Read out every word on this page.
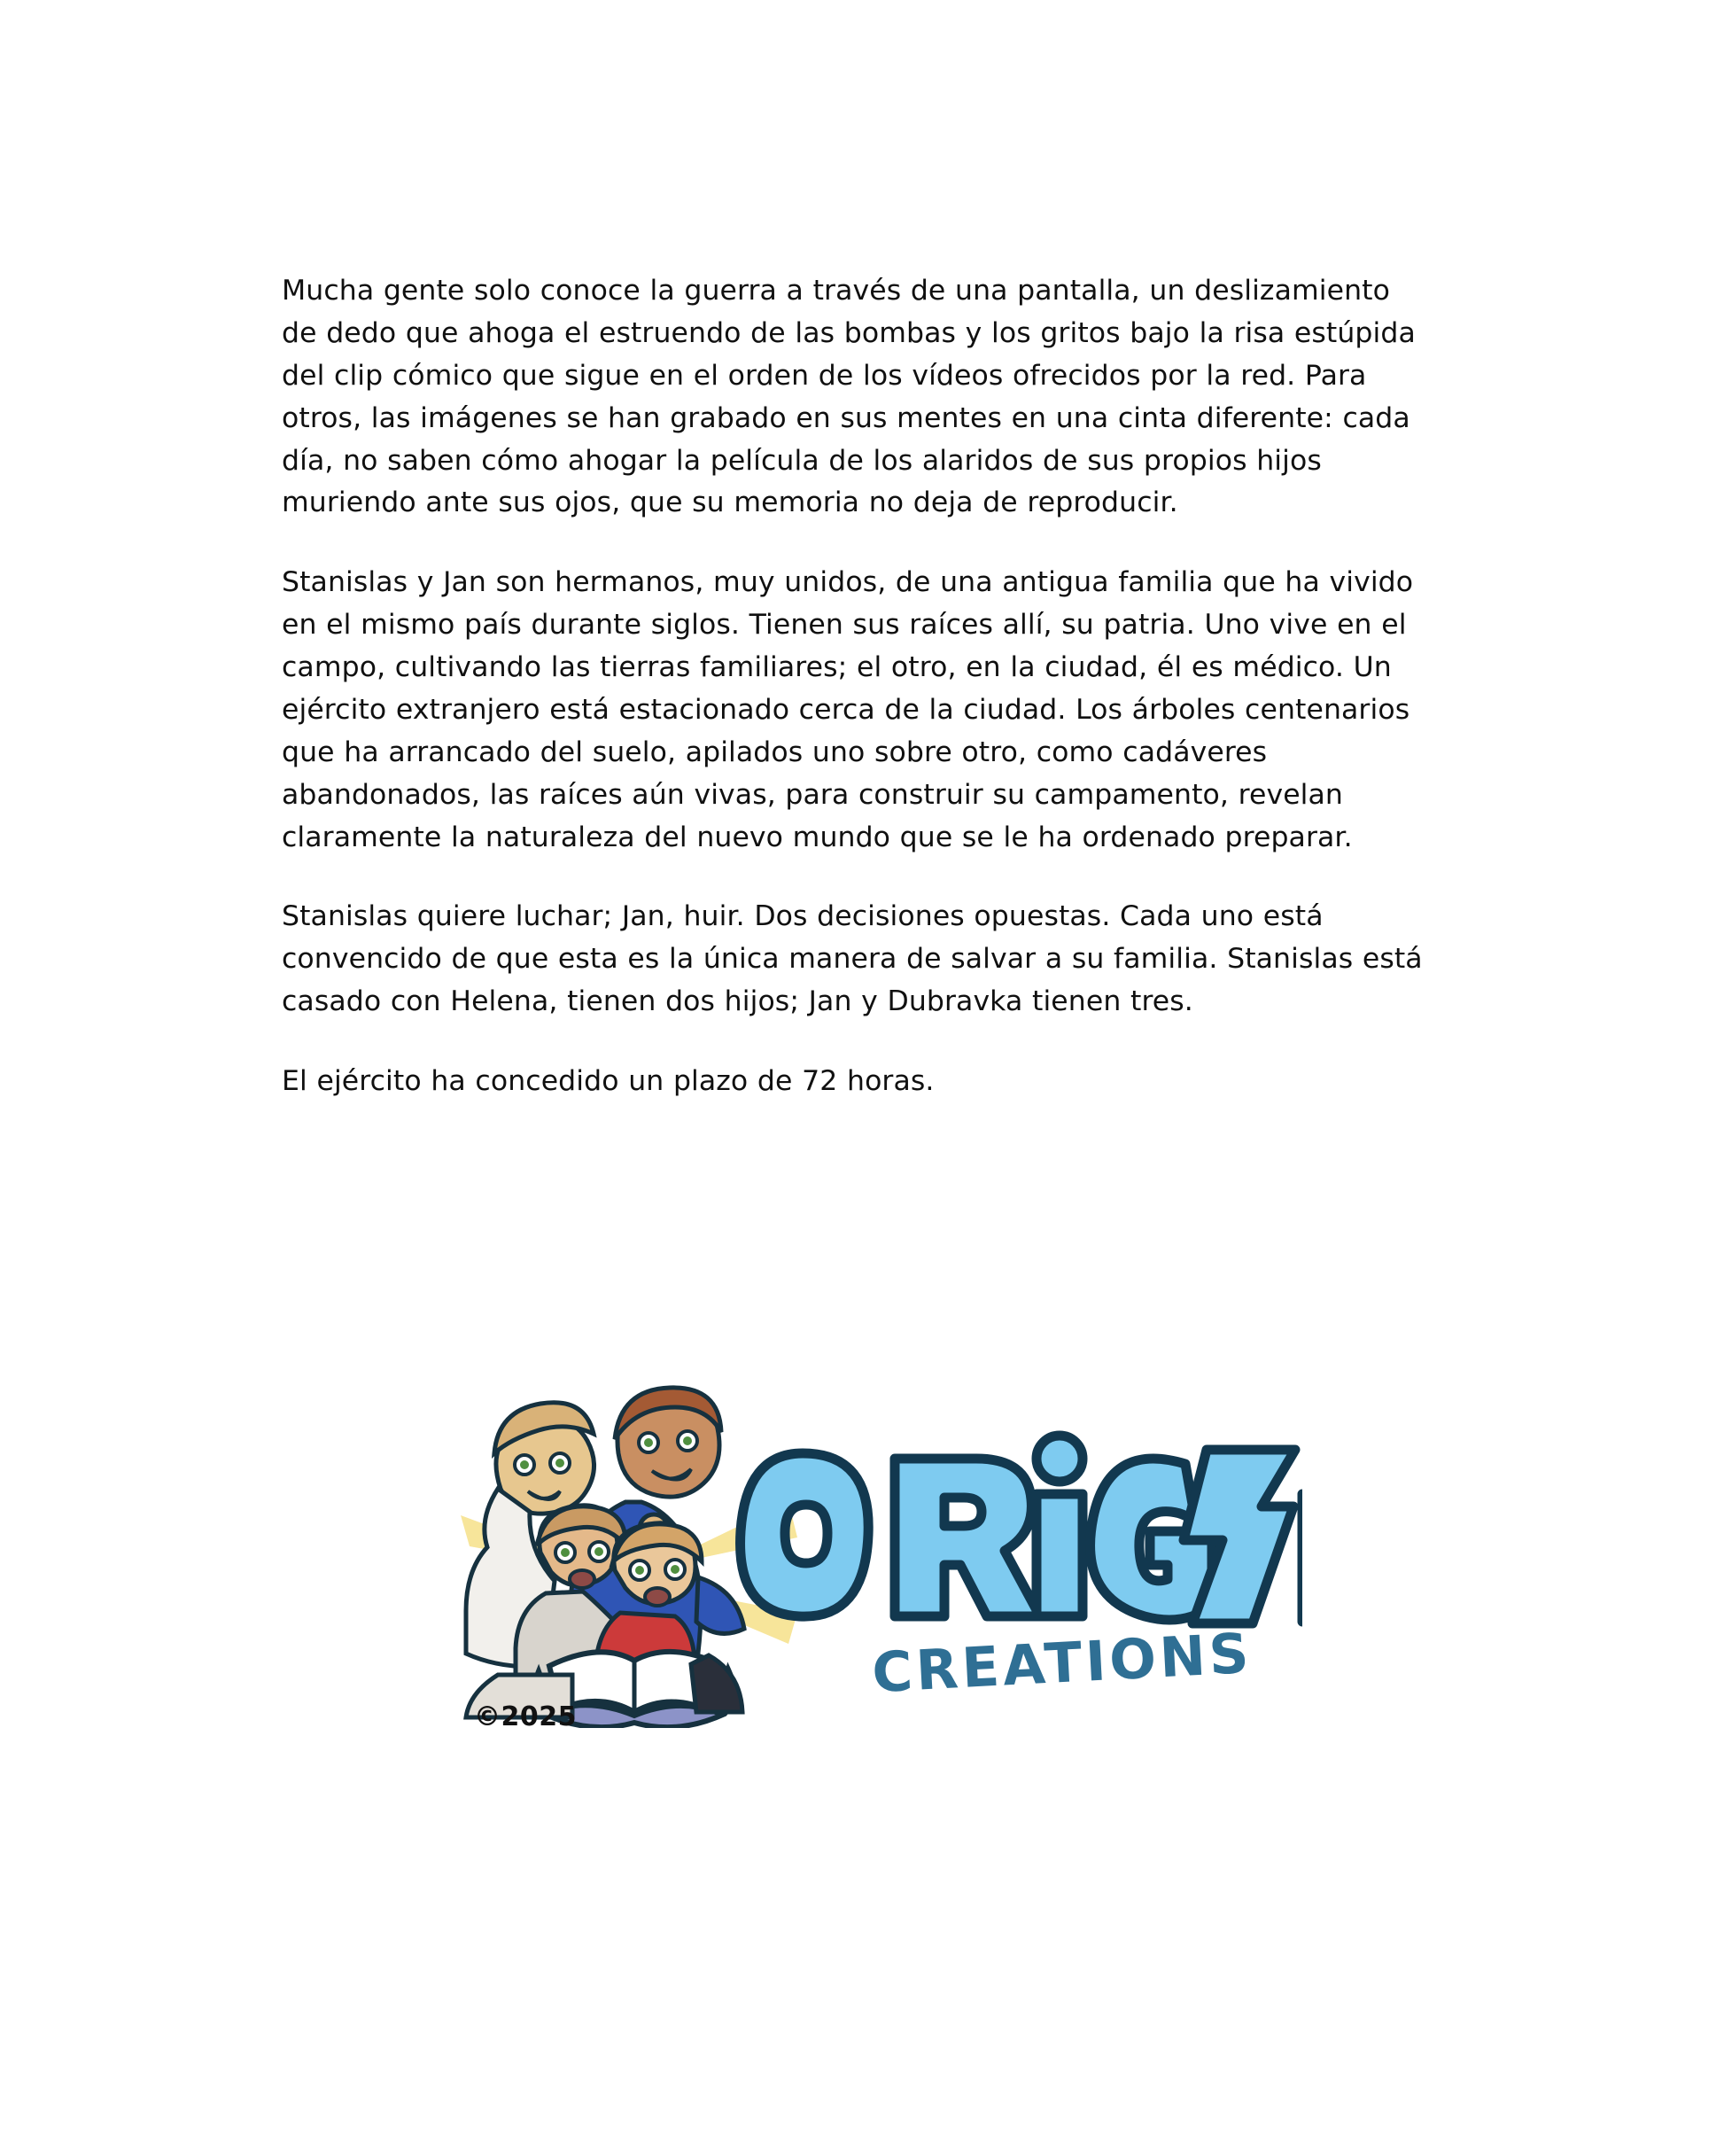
Mucha gente solo conoce la guerra a través de una pantalla, un deslizamiento de dedo que ahoga el estruendo de las bombas y los gritos bajo la risa estúpida del clip cómico que sigue en el orden de los vídeos ofrecidos por la red. Para otros, las imágenes se han grabado en sus mentes en una cinta diferente: cada día, no saben cómo ahogar la película de los alaridos de sus propios hijos muriendo ante sus ojos, que su memoria no deja de reproducir.

Stanislas y Jan son hermanos, muy unidos, de una antigua familia que ha vivido en el mismo país durante siglos. Tienen sus raíces allí, su patria. Uno vive en el campo, cultivando las tierras familiares; el otro, en la ciudad, él es médico. Un ejército extranjero está estacionado cerca de la ciudad. Los árboles centenarios que ha arrancado del suelo, apilados uno sobre otro, como cadáveres abandonados, las raíces aún vivas, para construir su campamento, revelan claramente la naturaleza del nuevo mundo que se le ha ordenado preparar.

Stanislas quiere luchar; Jan, huir. Dos decisiones opuestas. Cada uno está convencido de que esta es la única manera de salvar a su familia. Stanislas está casado con Helena, tienen dos hijos; Jan y Dubravka tienen tres.

El ejército ha concedido un plazo de 72 horas.

CREATIONS
©2025
